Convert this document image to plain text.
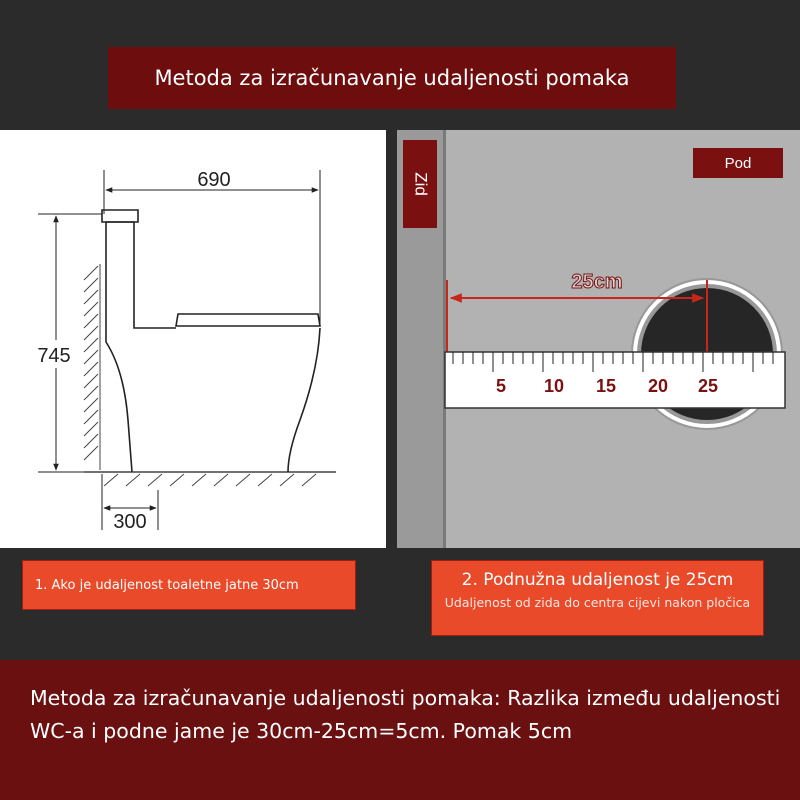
Metoda za izračunavanje udaljenosti pomaka
690
745
300
Zid
Pod
25cm
5 10 15 20 25
1. Ako je udaljenost toaletne jatne 30cm	2. Podnužna udaljenost je 25cm
Udaljenost od zida do centra cijevi nakon pločica
Metoda za izračunavanje udaljenosti pomaka: Razlika između udaljenosti WC-a i podne jame je 30cm-25cm=5cm. Pomak 5cm
